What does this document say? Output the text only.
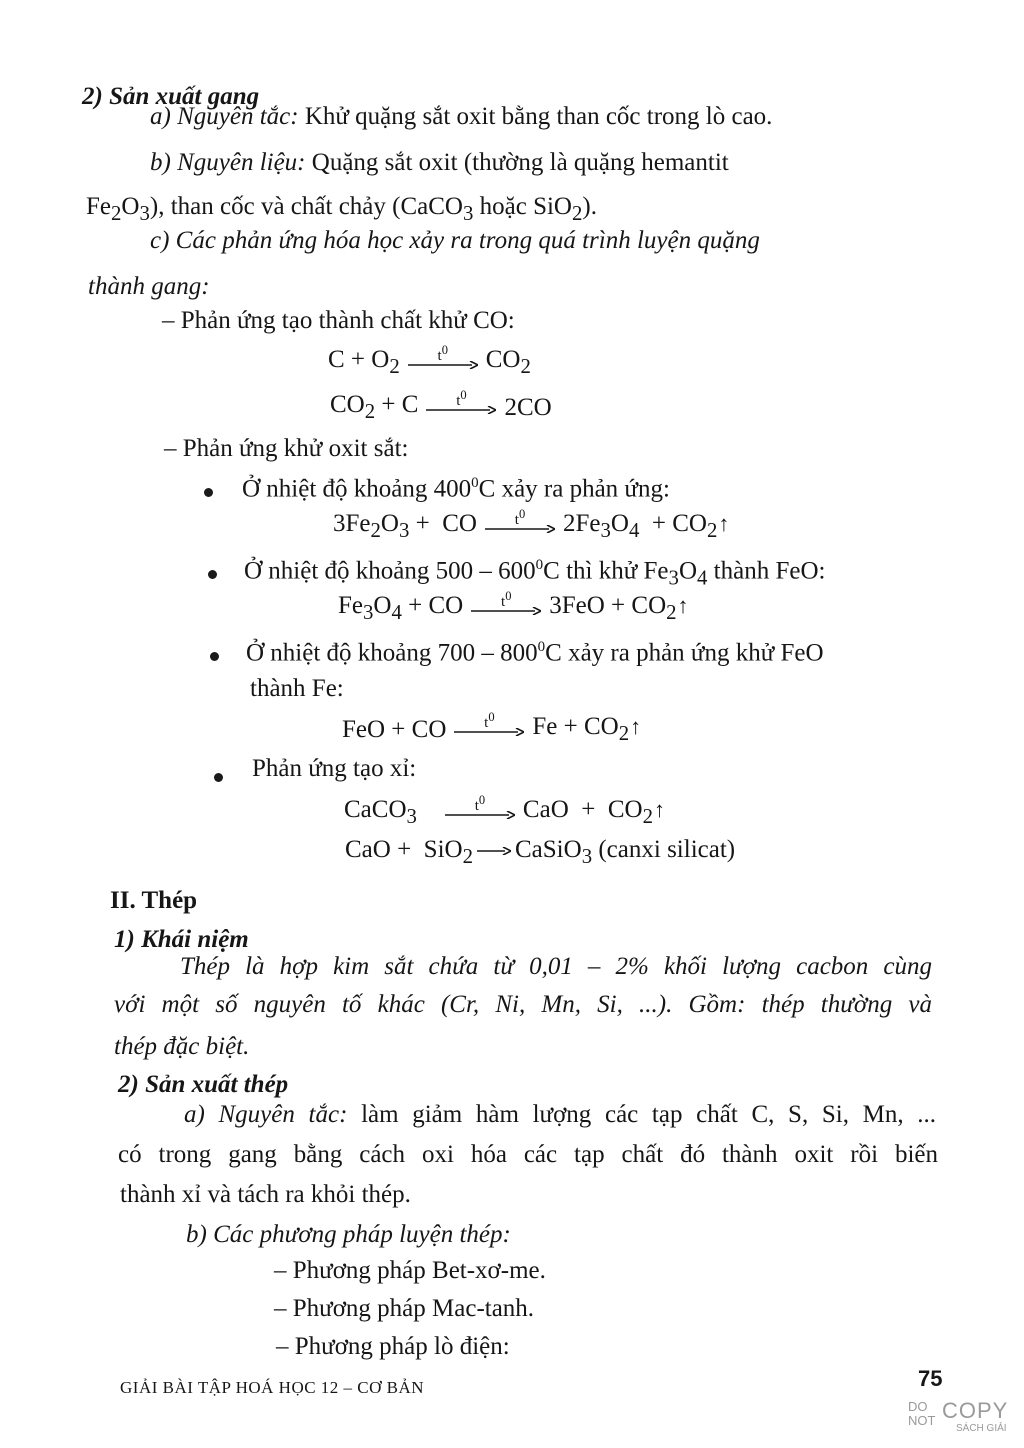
2) Sản xuất gang
a) Nguyên tắc: Khử quặng sắt oxit bằng than cốc trong lò cao.
b) Nguyên liệu: Quặng sắt oxit (thường là quặng hemantit
$Fe_2O_3$), than cốc và chất chảy (CaCO$_3$ hoặc SiO$_2$).
c) Các phản ứng hóa học xảy ra trong quá trình luyện quặng
thành gang:
– Phản ứng tạo thành chất khử CO:
$C + O_2$	$t^0$	$CO_2$
$CO_2 + C$	$t^0$	2CO
– Phản ứng khử oxit sắt:
Ở nhiệt độ khoảng $400^0C$ xảy ra phản ứng:
$3Fe_2O_3$ +  CO	$t^0$	$2Fe_3O_4$  + $CO_2↑$
Ở nhiệt độ khoảng $500 - 600^0C$ thì khử $Fe_3O_4$ thành FeO:
$Fe_3O_4$ + CO	$t^0$	$3FeO + CO_2↑$
Ở nhiệt độ khoảng $700 - 800^0C$ xảy ra phản ứng khử FeO
thành Fe:
FeO + CO	$t^0$	$Fe + CO_2↑$
Phản ứng tạo xỉ:
CaCO$_3$	$t^0$	CaO  +  $CO_2↑$
CaO +  SiO$_2$ → CaSiO$_3$ (canxi silicat)
II. Thép
1) Khái niệm
Thép là hợp kim sắt chứa từ 0,01 – 2% khối lượng cacbon cùng
với một số nguyên tố khác (Cr, Ni, Mn, Si, ...). Gồm: thép thường và
thép đặc biệt.
2) Sản xuất thép
a) Nguyên tắc: làm giảm hàm lượng các tạp chất C, S, Si, Mn, ...
có trong gang bằng cách oxi hóa các tạp chất đó thành oxit rồi biến
thành xỉ và tách ra khỏi thép.
b) Các phương pháp luyện thép:
– Phương pháp Bet-xơ-me.
– Phương pháp Mac-tanh.
– Phương pháp lò điện:
GIẢI BÀI TẬP HOÁ HỌC 12 – CƠ BẢN	75
DO
NOT COPY
SÁCH GIẢI
